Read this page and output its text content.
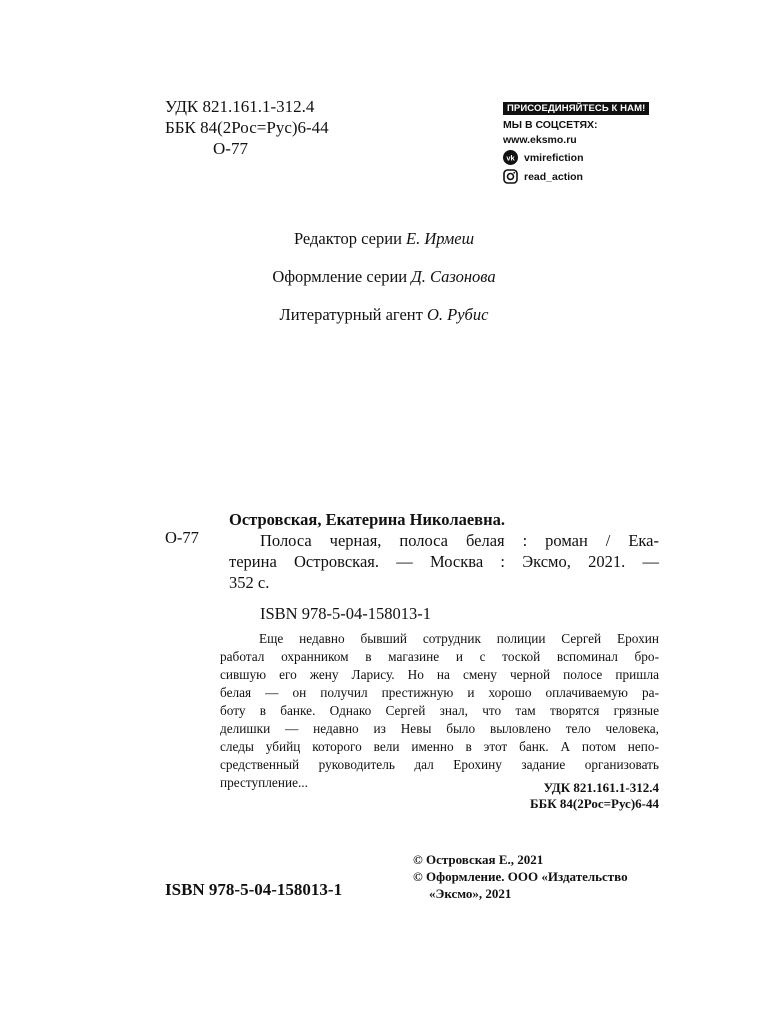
УДК 821.161.1-312.4
ББК 84(2Рос=Рус)6-44
О-77
ПРИСОЕДИНЯЙТЕСЬ К НАМ!
МЫ В СОЦСЕТЯХ:
www.eksmo.ru
vk vmirefiction
read_action
Редактор серии Е. Ирмеш
Оформление серии Д. Сазонова
Литературный агент О. Рубис
О-77
Островская, Екатерина Николаевна.
Полоса черная, полоса белая : роман / Ека-
терина Островская. — Москва : Эксмо, 2021. —
352 с.
ISBN 978-5-04-158013-1

Еще недавно бывший сотрудник полиции Сергей Ерохин

работал охранником в магазине и с тоской вспоминал бро-

сившую его жену Ларису. Но на смену черной полосе пришла

белая — он получил престижную и хорошо оплачиваемую ра-

боту в банке. Однако Сергей знал, что там творятся грязные

делишки — недавно из Невы было выловлено тело человека,

следы убийц которого вели именно в этот банк. А потом непо-

средственный руководитель дал Ерохину задание организовать

преступление...	УДК 821.161.1-312.4
ББК 84(2Рос=Рус)6-44
© Островская Е., 2021
© Оформление. ООО «Издательство
«Эксмо», 2021
ISBN 978-5-04-158013-1
